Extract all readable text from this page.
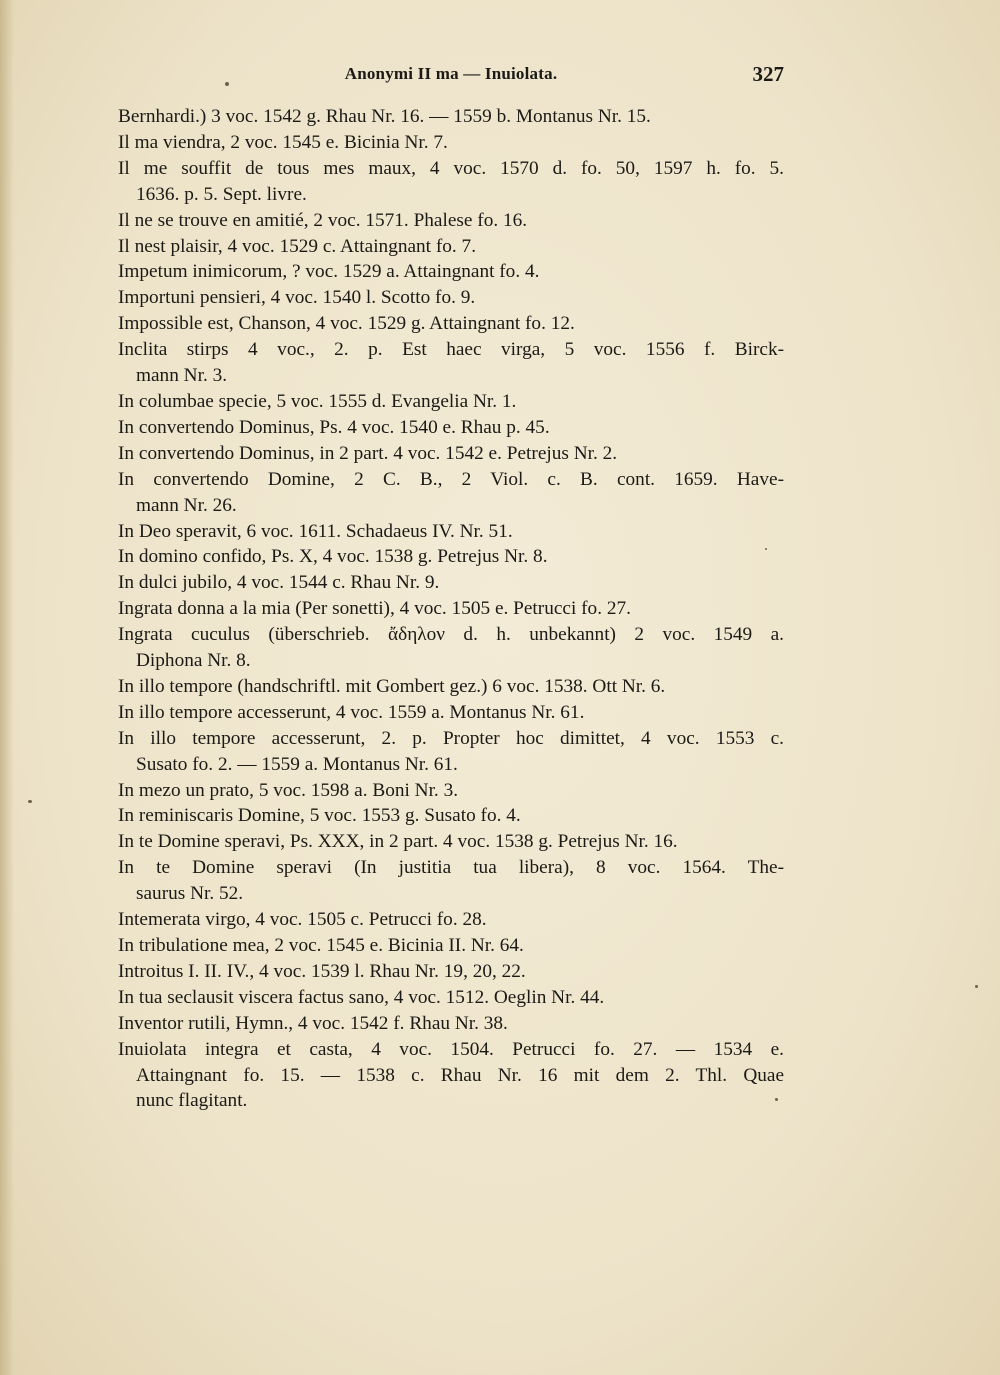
Anonymi II ma — Inuiolata.	327
Bernhardi.) 3 voc. 1542 g. Rhau Nr. 16. — 1559 b. Montanus Nr. 15.
Il ma viendra, 2 voc. 1545 e. Bicinia Nr. 7.
Il me souffit de tous mes maux, 4 voc. 1570 d. fo. 50, 1597 h. fo. 5.
1636. p. 5. Sept. livre.
Il ne se trouve en amitié, 2 voc. 1571. Phalese fo. 16.
Il nest plaisir, 4 voc. 1529 c. Attaingnant fo. 7.
Impetum inimicorum, ? voc. 1529 a. Attaingnant fo. 4.
Importuni pensieri, 4 voc. 1540 l. Scotto fo. 9.
Impossible est, Chanson, 4 voc. 1529 g. Attaingnant fo. 12.
Inclita stirps 4 voc., 2. p. Est haec virga, 5 voc. 1556 f. Birck-
mann Nr. 3.
In columbae specie, 5 voc. 1555 d. Evangelia Nr. 1.
In convertendo Dominus, Ps. 4 voc. 1540 e. Rhau p. 45.
In convertendo Dominus, in 2 part. 4 voc. 1542 e. Petrejus Nr. 2.
In convertendo Domine, 2 C. B., 2 Viol. c. B. cont. 1659. Have-
mann Nr. 26.
In Deo speravit, 6 voc. 1611. Schadaeus IV. Nr. 51.
In domino confido, Ps. X, 4 voc. 1538 g. Petrejus Nr. 8.
In dulci jubilo, 4 voc. 1544 c. Rhau Nr. 9.
Ingrata donna a la mia (Per sonetti), 4 voc. 1505 e. Petrucci fo. 27.
Ingrata cuculus (überschrieb. ἄδηλον d. h. unbekannt) 2 voc. 1549 a.
Diphona Nr. 8.
In illo tempore (handschriftl. mit Gombert gez.) 6 voc. 1538. Ott Nr. 6.
In illo tempore accesserunt, 4 voc. 1559 a. Montanus Nr. 61.
In illo tempore accesserunt, 2. p. Propter hoc dimittet, 4 voc. 1553 c.
Susato fo. 2. — 1559 a. Montanus Nr. 61.
In mezo un prato, 5 voc. 1598 a. Boni Nr. 3.
In reminiscaris Domine, 5 voc. 1553 g. Susato fo. 4.
In te Domine speravi, Ps. XXX, in 2 part. 4 voc. 1538 g. Petrejus Nr. 16.
In te Domine speravi (In justitia tua libera), 8 voc. 1564. The-
saurus Nr. 52.
Intemerata virgo, 4 voc. 1505 c. Petrucci fo. 28.
In tribulatione mea, 2 voc. 1545 e. Bicinia II. Nr. 64.
Introitus I. II. IV., 4 voc. 1539 l. Rhau Nr. 19, 20, 22.
In tua seclausit viscera factus sano, 4 voc. 1512. Oeglin Nr. 44.
Inventor rutili, Hymn., 4 voc. 1542 f. Rhau Nr. 38.
Inuiolata integra et casta, 4 voc. 1504. Petrucci fo. 27. — 1534 e.
Attaingnant fo. 15. — 1538 c. Rhau Nr. 16 mit dem 2. Thl. Quae
nunc flagitant.
